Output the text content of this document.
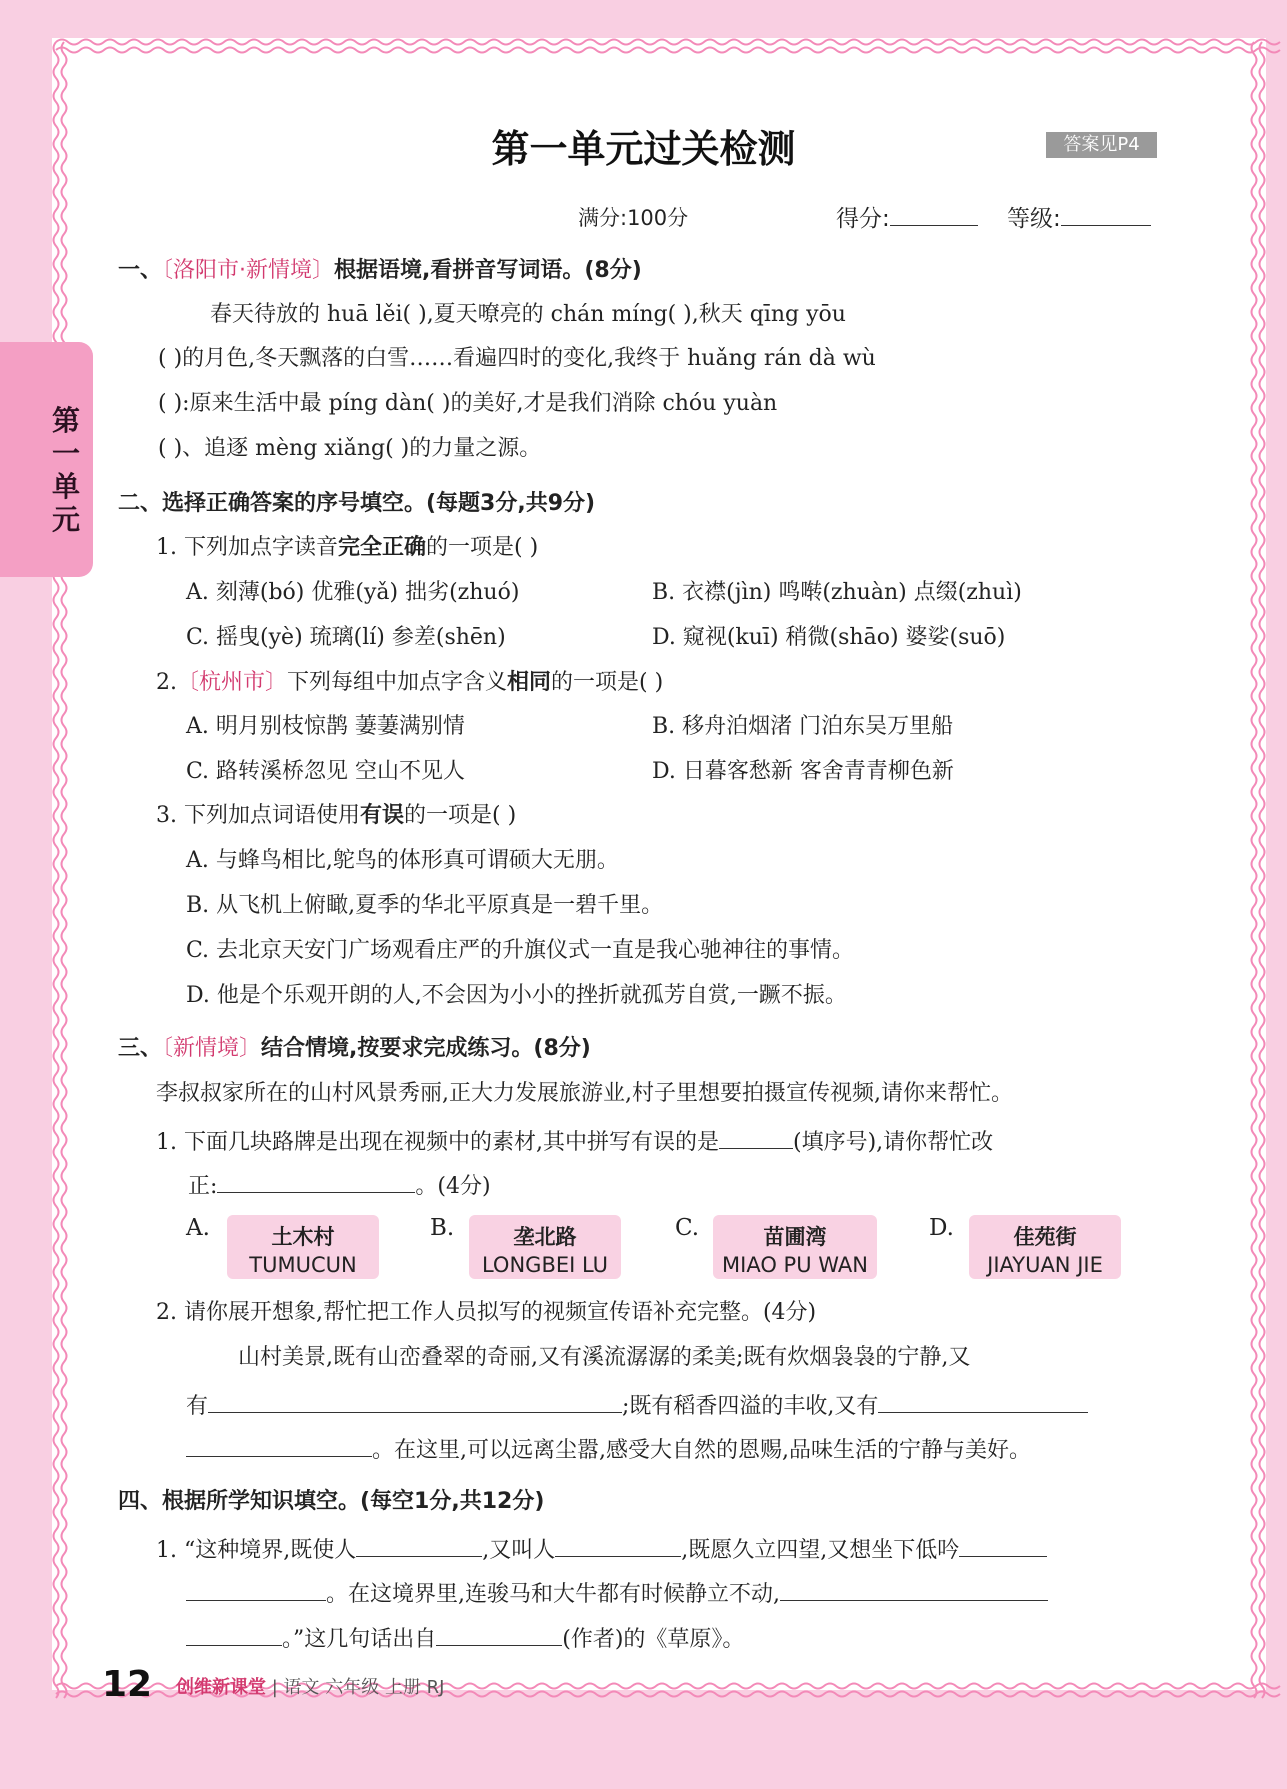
第一单元
第一单元过关检测	答案见P4
满分:100分	得分:	等级:
一、〔洛阳市·新情境〕根据语境,看拼音写词语。(8分)
春天待放的 huā lěi( ),夏天嘹亮的 chán míng( ),秋天 qīng yōu
( )的月色,冬天飘落的白雪……看遍四时的变化,我终于 huǎng rán dà wù
( ):原来生活中最 píng dàn( )的美好,才是我们消除 chóu yuàn
( )、追逐 mèng xiǎng( )的力量之源。
二、选择正确答案的序号填空。(每题3分,共9分)
1. 下列加点字读音完全正确的一项是( )
A. 刻薄(bó) 优雅(yǎ) 拙劣(zhuó)	B. 衣襟(jìn) 鸣啭(zhuàn) 点缀(zhuì)
C. 摇曳(yè) 琉璃(lí) 参差(shēn)	D. 窥视(kuī) 稍微(shāo) 婆娑(suō)
2.〔杭州市〕下列每组中加点字含义相同的一项是( )
A. 明月别枝惊鹊 萋萋满别情	B. 移舟泊烟渚 门泊东吴万里船
C. 路转溪桥忽见 空山不见人	D. 日暮客愁新 客舍青青柳色新
3. 下列加点词语使用有误的一项是( )
A. 与蜂鸟相比,鸵鸟的体形真可谓硕大无朋。
B. 从飞机上俯瞰,夏季的华北平原真是一碧千里。
C. 去北京天安门广场观看庄严的升旗仪式一直是我心驰神往的事情。
D. 他是个乐观开朗的人,不会因为小小的挫折就孤芳自赏,一蹶不振。
三、〔新情境〕结合情境,按要求完成练习。(8分)
李叔叔家所在的山村风景秀丽,正大力发展旅游业,村子里想要拍摄宣传视频,请你来帮忙。
1. 下面几块路牌是出现在视频中的素材,其中拼写有误的是	(填序号),请你帮忙改
正:	。(4分)
A.	土木村
TUMUCUN
B.	垄北路
LONGBEI LU
C.	苗圃湾
MIAO PU WAN
D.	佳苑街
JIAYUAN JIE
2. 请你展开想象,帮忙把工作人员拟写的视频宣传语补充完整。(4分)
山村美景,既有山峦叠翠的奇丽,又有溪流潺潺的柔美;既有炊烟袅袅的宁静,又
有	;既有稻香四溢的丰收,又有
。在这里,可以远离尘嚣,感受大自然的恩赐,品味生活的宁静与美好。
四、根据所学知识填空。(每空1分,共12分)
1. “这种境界,既使人	,又叫人	,既愿久立四望,又想坐下低吟
。在这境界里,连骏马和大牛都有时候静立不动,
。”这几句话出自	(作者)的《草原》。
12 创维新课堂 | 语文 六年级 上册 RJ
